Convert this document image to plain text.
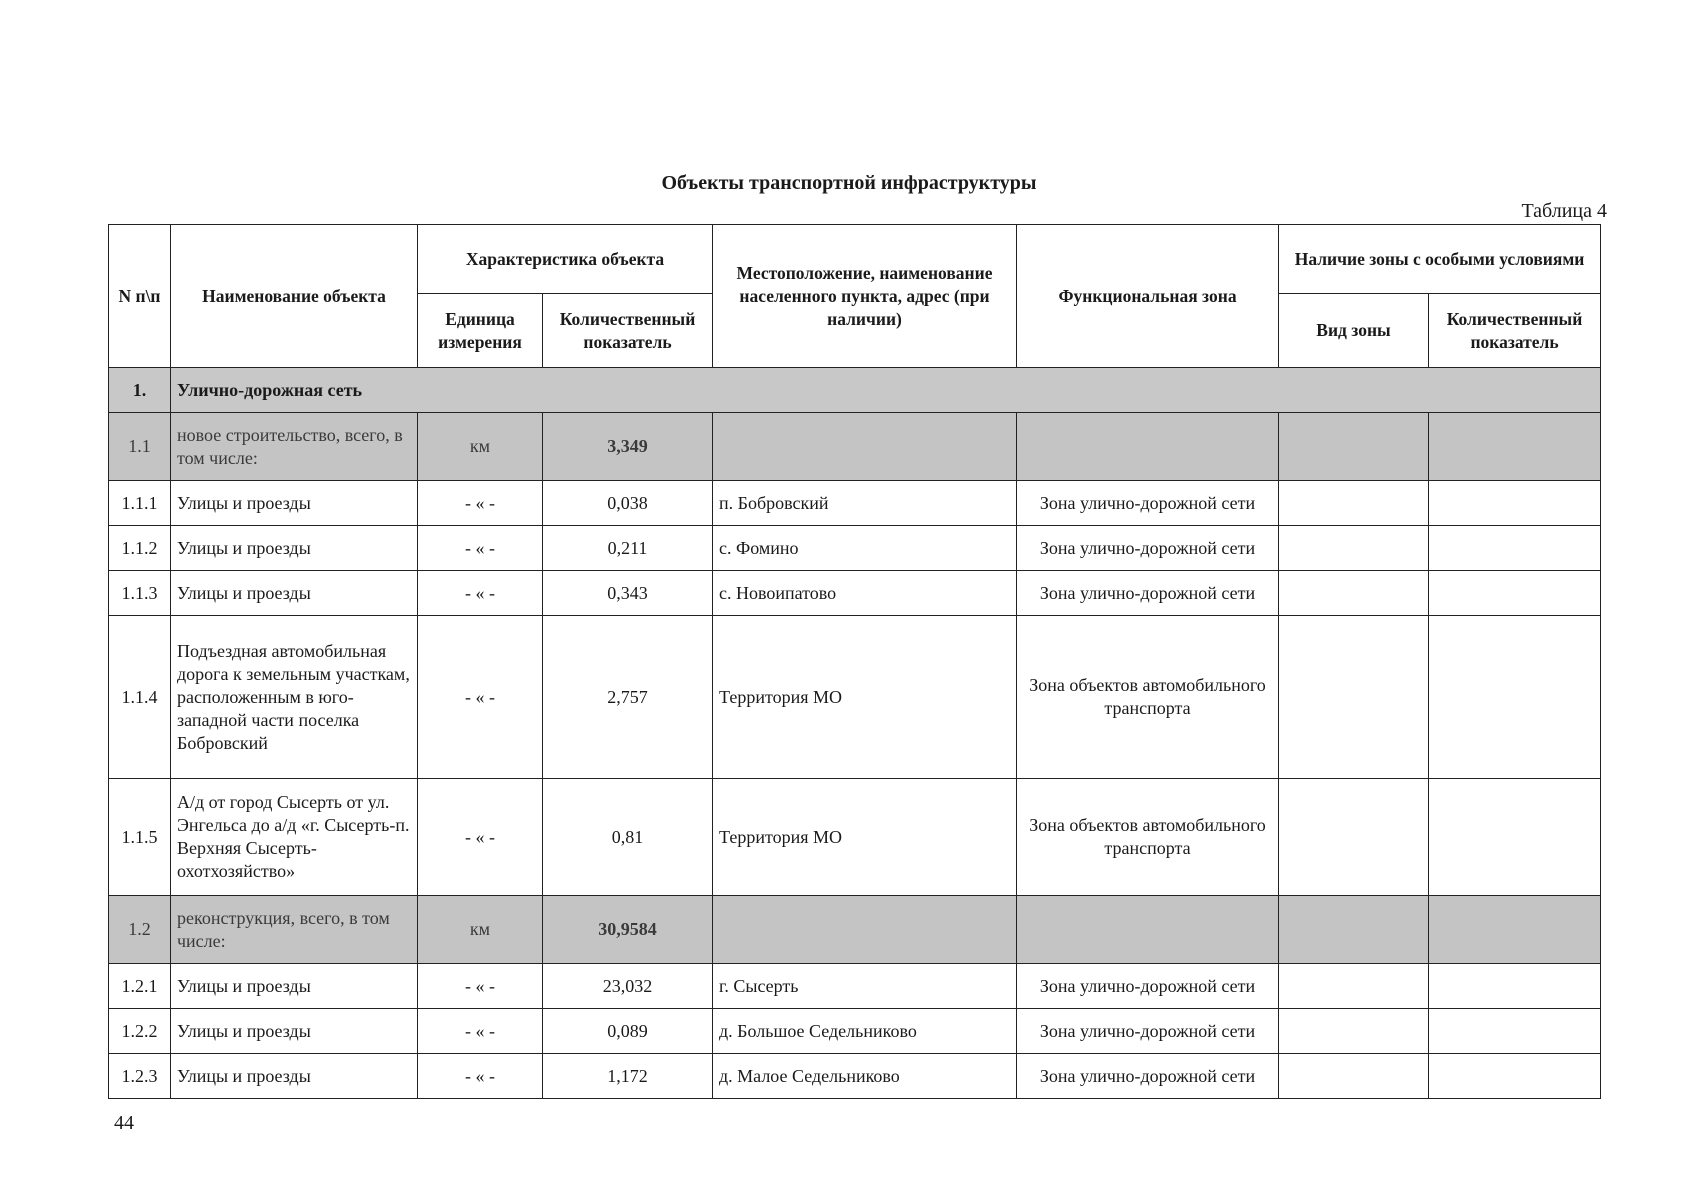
Объекты транспортной инфраструктуры
Таблица 4
N п\п	Наименование объекта	Характеристика объекта		Местоположение, наименование населенного пункта, адрес (при наличии)	Функциональная зона	Наличие зоны с особыми условиями	
		Единица измерения	Количественный показатель			Вид зоны	Количественный показатель
1.	Улично-дорожная сеть						
1.1	новое строительство, всего, в том числе:	км	3,349				
1.1.1	Улицы и проезды	- « -	0,038	п. Бобровский	Зона улично-дорожной сети		
1.1.2	Улицы и проезды	- « -	0,211	с. Фомино	Зона улично-дорожной сети		
1.1.3	Улицы и проезды	- « -	0,343	с. Новоипатово	Зона улично-дорожной сети		
1.1.4	Подъездная автомобильная дорога к земельным участкам, расположенным в юго-западной части поселка Бобровский	- « -	2,757	Территория МО	Зона объектов автомобильного транспорта		
1.1.5	А/д от город Сысерть от ул. Энгельса до а/д «г. Сысерть-п. Верхняя Сысерть- охотхозяйство»	- « -	0,81	Территория МО	Зона объектов автомобильного транспорта		
1.2	реконструкция, всего, в том числе:	км	30,9584				
1.2.1	Улицы и проезды	- « -	23,032	г. Сысерть	Зона улично-дорожной сети		
1.2.2	Улицы и проезды	- « -	0,089	д. Большое Седельниково	Зона улично-дорожной сети		
1.2.3	Улицы и проезды	- « -	1,172	д. Малое Седельниково	Зона улично-дорожной сети		
44
